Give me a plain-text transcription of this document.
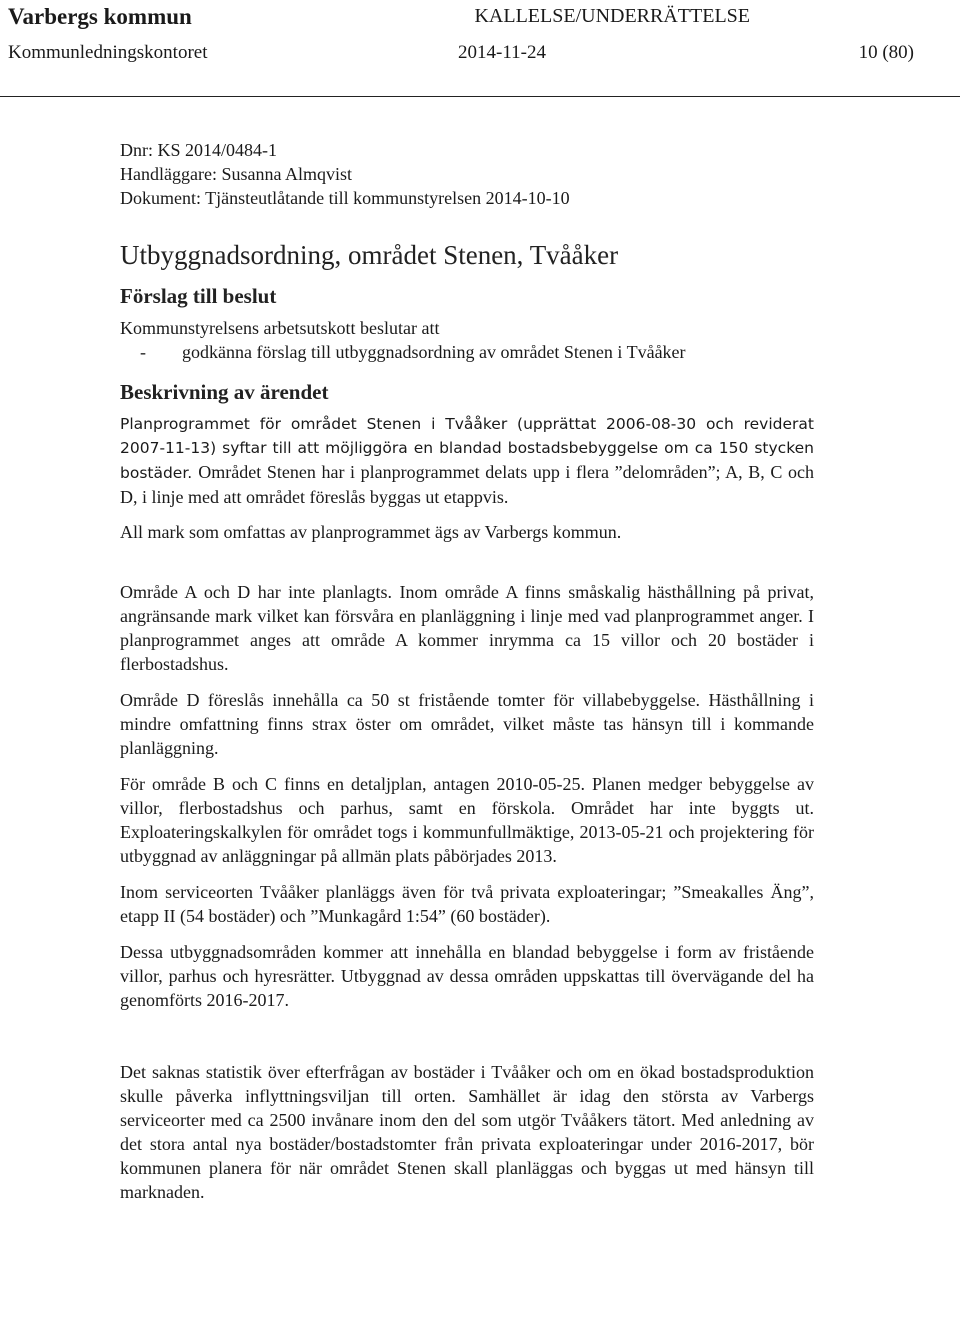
Varbergs kommun	KALLELSE/UNDERRÄTTELSE
Kommunledningskontoret	2014-11-24	10 (80)

Dnr: KS 2014/0484-1

Handläggare: Susanna Almqvist

Dokument: Tjänsteutlåtande till kommunstyrelsen 2014-10-10

Utbyggnadsordning, området Stenen, Tvååker
Förslag till beslut

Kommunstyrelsens arbetsutskott beslutar att

-	godkänna förslag till utbyggnadsordning av området Stenen i Tvååker
Beskrivning av ärendet
Planprogrammet för området Stenen i Tvååker (upprättat 2006-08-30 och reviderat 2007-11-13) syftar till att möjliggöra en blandad bostadsbebyggelse om ca 150 stycken bostäder. Området Stenen har i planprogrammet delats upp i flera ”delområden”; A, B, C och D, i linje med att området föreslås byggas ut etappvis.

All mark som omfattas av planprogrammet ägs av Varbergs kommun.

Område A och D har inte planlagts. Inom område A finns småskalig hästhållning på privat, angränsande mark vilket kan försvåra en planläggning i linje med vad planprogrammet anger. I planprogrammet anges att område A kommer inrymma ca 15 villor och 20 bostäder i flerbostadshus.

Område D föreslås innehålla ca 50 st fristående tomter för villabebyggelse. Hästhållning i mindre omfattning finns strax öster om området, vilket måste tas hänsyn till i kommande planläggning.

För område B och C finns en detaljplan, antagen 2010-05-25. Planen medger bebyggelse av villor, flerbostadshus och parhus, samt en förskola. Området har inte byggts ut. Exploateringskalkylen för området togs i kommunfullmäktige, 2013-05-21 och projektering för utbyggnad av anläggningar på allmän plats påbörjades 2013.

Inom serviceorten Tvååker planläggs även för två privata exploateringar; ”Smeakalles Äng”, etapp II (54 bostäder) och ”Munkagård 1:54” (60 bostäder).

Dessa utbyggnadsområden kommer att innehålla en blandad bebyggelse i form av fristående villor, parhus och hyresrätter. Utbyggnad av dessa områden uppskattas till övervägande del ha genomförts 2016-2017.

Det saknas statistik över efterfrågan av bostäder i Tvååker och om en ökad bostadsproduktion skulle påverka inflyttningsviljan till orten. Samhället är idag den största av Varbergs serviceorter med ca 2500 invånare inom den del som utgör Tvååkers tätort. Med anledning av det stora antal nya bostäder/bostadstomter från privata exploateringar under 2016-2017, bör kommunen planera för när området Stenen skall planläggas och byggas ut med hänsyn till marknaden.
